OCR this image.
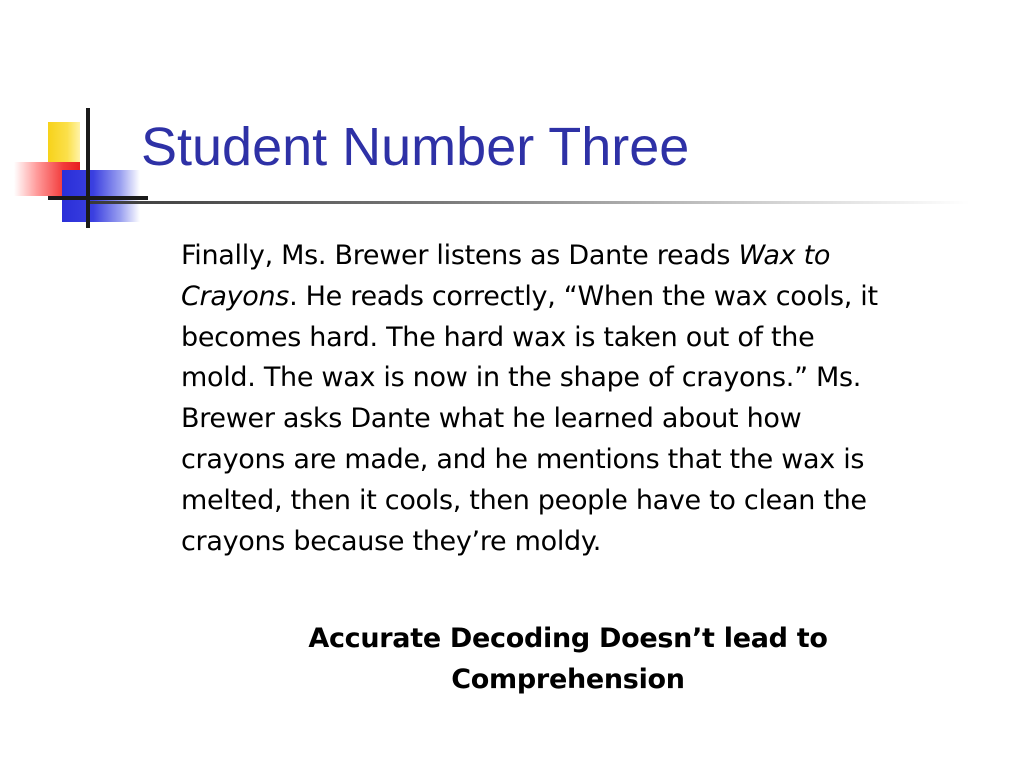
Student Number Three

Finally, Ms. Brewer listens as Dante reads Wax to
Crayons. He reads correctly, “When the wax cools, it
becomes hard. The hard wax is taken out of the
mold. The wax is now in the shape of crayons.” Ms.
Brewer asks Dante what he learned about how
crayons are made, and he mentions that the wax is
melted, then it cools, then people have to clean the
crayons because they’re moldy.

Accurate Decoding Doesn’t lead to
Comprehension
